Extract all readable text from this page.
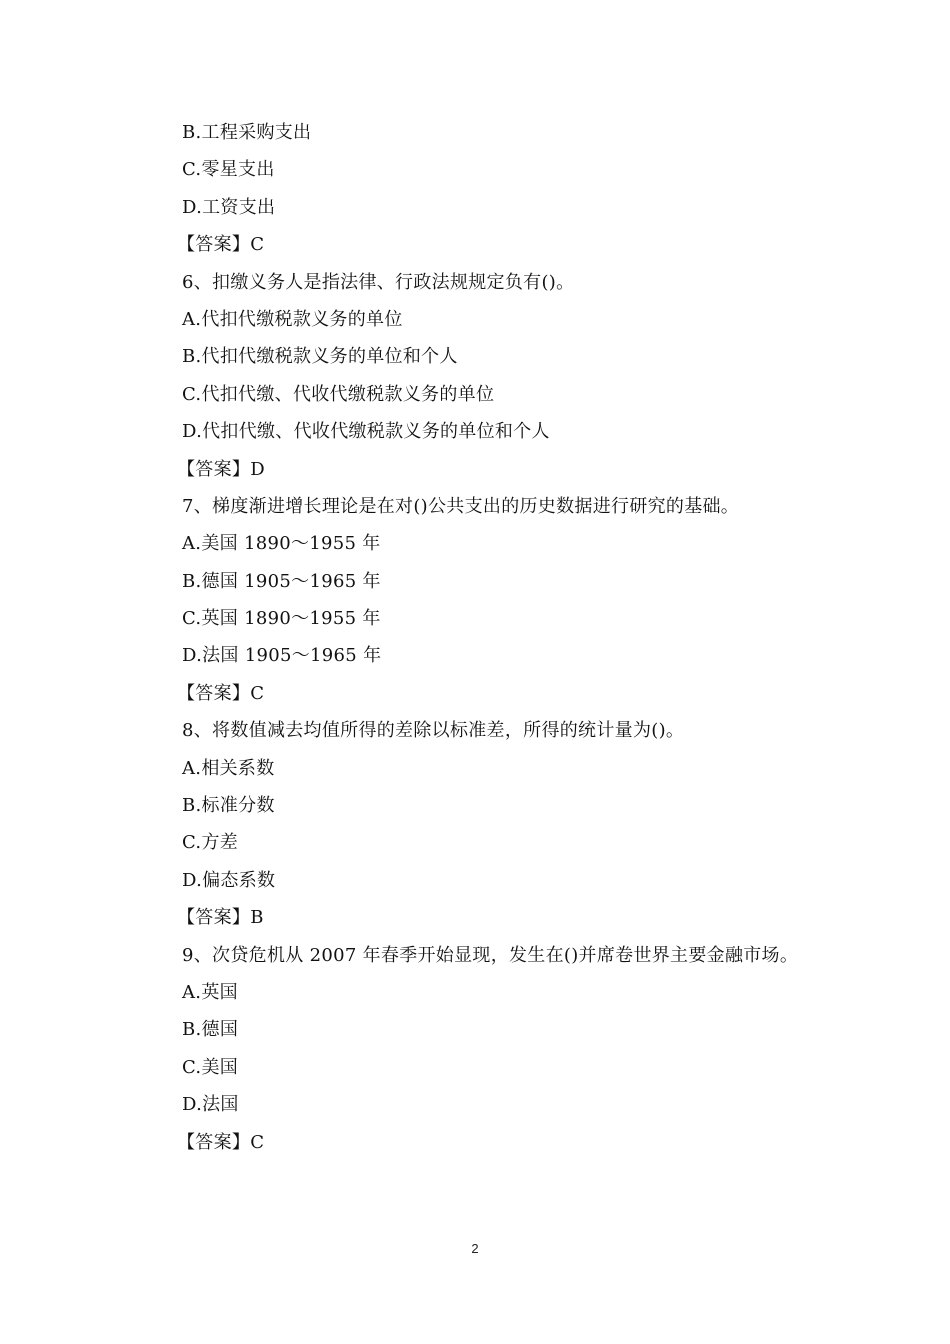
B.工程采购支出
C.零星支出
D.工资支出
【答案】C
6、扣缴义务人是指法律、行政法规规定负有()。
A.代扣代缴税款义务的单位
B.代扣代缴税款义务的单位和个人
C.代扣代缴、代收代缴税款义务的单位
D.代扣代缴、代收代缴税款义务的单位和个人
【答案】D
7、梯度渐进增长理论是在对()公共支出的历史数据进行研究的基础。
A.美国 1890～1955 年
B.德国 1905～1965 年
C.英国 1890～1955 年
D.法国 1905～1965 年
【答案】C
8、将数值减去均值所得的差除以标准差，所得的统计量为()。
A.相关系数
B.标准分数
C.方差
D.偏态系数
【答案】B
9、次贷危机从 2007 年春季开始显现，发生在()并席卷世界主要金融市场。
A.英国
B.德国
C.美国
D.法国
【答案】C
2
